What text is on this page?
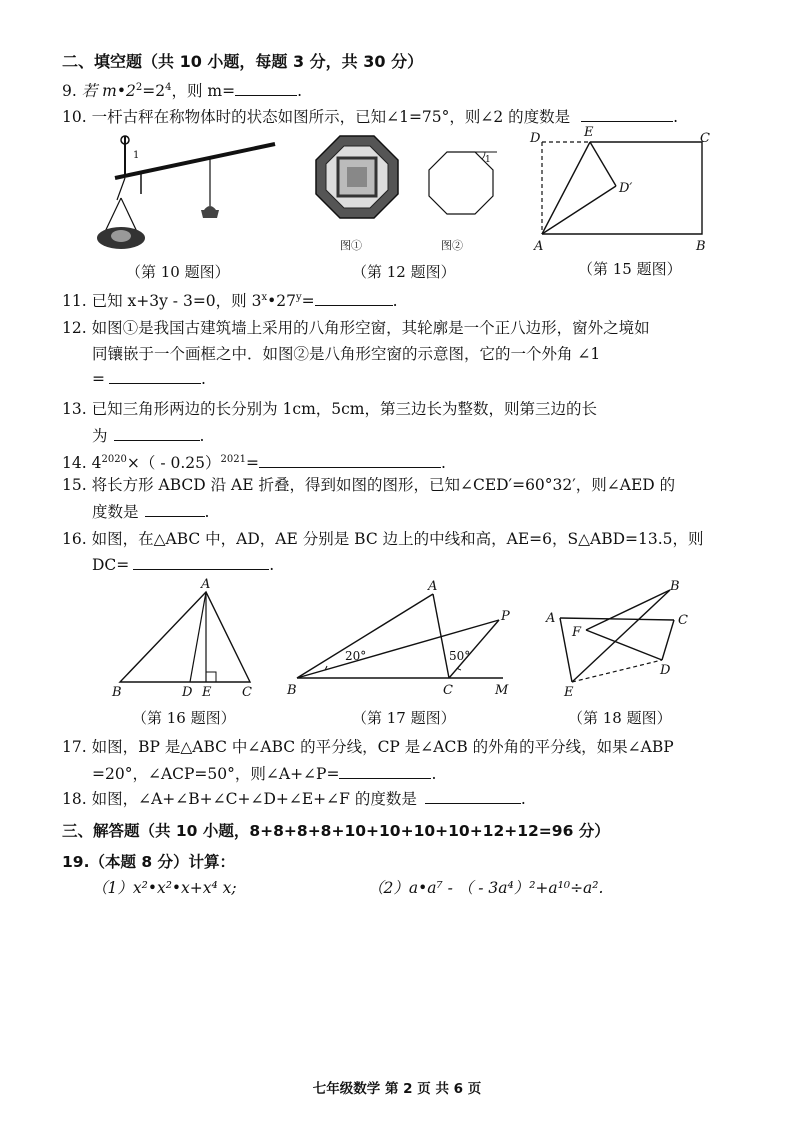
二、填空题（共 10 小题，每题 3 分，共 30 分）
9. 若 $m•2^2=2^4$，则 m=	.
10. 一杆古秤在称物体时的状态如图所示，已知∠1=75°，则∠2 的度数是	.
1
（第 10 题图）
1
图①	图②
（第 12 题图）
D	E	C
D′
A	B
（第 15 题图）
11. 已知 x+3y - 3=0，则 $3^x•27^y=$	.
12. 如图①是我国古建筑墙上采用的八角形空窗，其轮廓是一个正八边形，窗外之境如
同镶嵌于一个画框之中．如图②是八角形空窗的示意图，它的一个外角 ∠1
=	.
13. 已知三角形两边的长分别为 1cm，5cm，第三边长为整数，则第三边的长
为	.
14. $4^{2020}\times( - 0.25)^{2021}=$	.
15. 将长方形 ABCD 沿 AE 折叠，得到如图的图形，已知∠CED′=60°32′，则∠AED 的
度数是	.
16. 如图，在△ABC 中，AD，AE 分别是 BC 边上的中线和高，AE=6，S△ABD=13.5，则
DC=	.
A
B	D E C
（第 16 题图）
A
B	C
P
M
20°	50°
（第 17 题图）
A
B
C
D
E
F
（第 18 题图）
17. 如图，BP 是△ABC 中∠ABC 的平分线，CP 是∠ACB 的外角的平分线，如果∠ABP
=20°，∠ACP=50°，则∠A+∠P=	.
18. 如图，∠A+∠B+∠C+∠D+∠E+∠F 的度数是	.
三、解答题（共 10 小题，8+8+8+8+10+10+10+10+12+12=96 分）
19.（本题 8 分）计算：
（1）x²•x²•x+x⁴ x;	（2）a•a⁷ - （ - 3a⁴）²+a¹⁰÷a².
七年级数学 第 2 页 共 6 页
